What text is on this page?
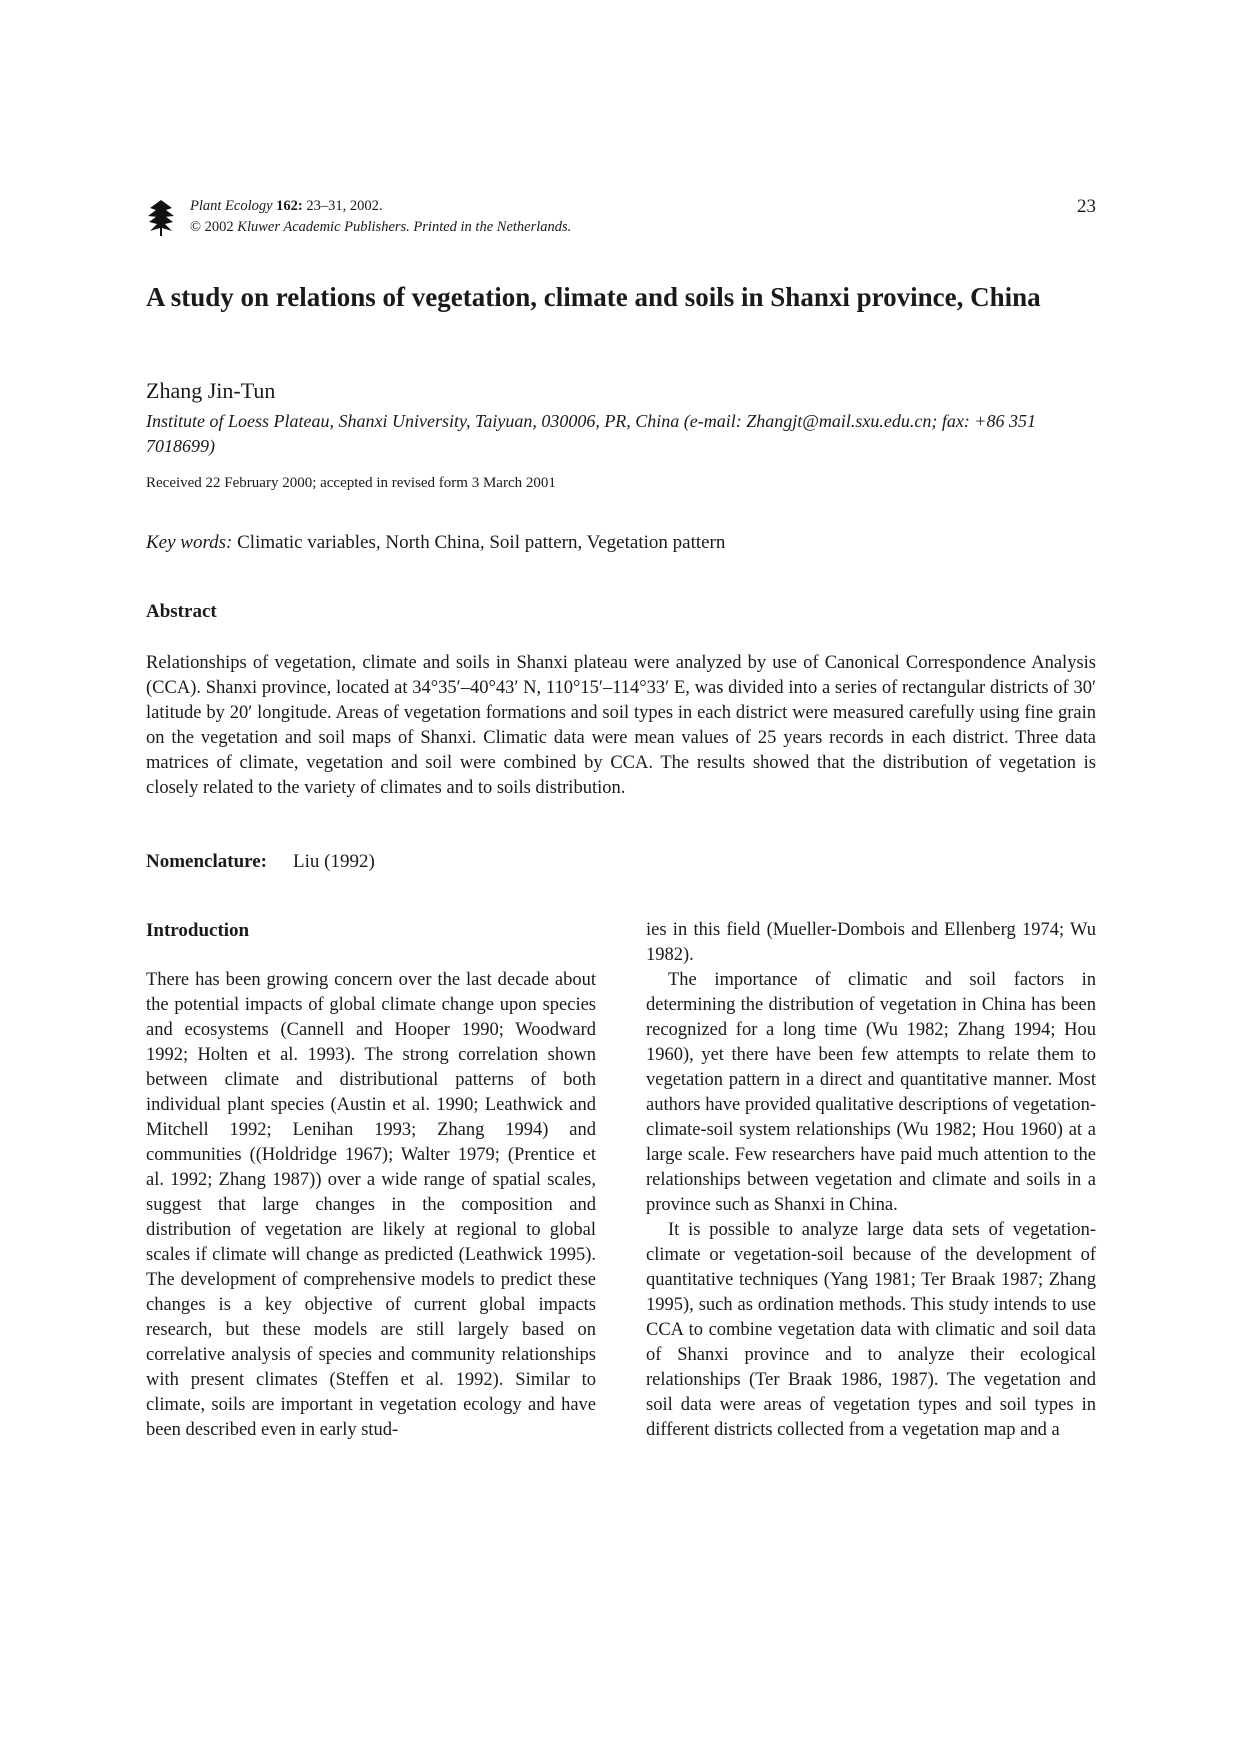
Plant Ecology 162: 23–31, 2002.
© 2002 Kluwer Academic Publishers. Printed in the Netherlands.
23
A study on relations of vegetation, climate and soils in Shanxi province, China
Zhang Jin-Tun
Institute of Loess Plateau, Shanxi University, Taiyuan, 030006, PR, China (e-mail: Zhangjt@mail.sxu.edu.cn; fax: +86 351 7018699)
Received 22 February 2000; accepted in revised form 3 March 2001
Key words: Climatic variables, North China, Soil pattern, Vegetation pattern
Abstract

Relationships of vegetation, climate and soils in Shanxi plateau were analyzed by use of Canonical Correspondence Analysis (CCA). Shanxi province, located at 34°35′–40°43′ N, 110°15′–114°33′ E, was divided into a series of rectangular districts of 30′ latitude by 20′ longitude. Areas of vegetation formations and soil types in each district were measured carefully using fine grain on the vegetation and soil maps of Shanxi. Climatic data were mean values of 25 years records in each district. Three data matrices of climate, vegetation and soil were combined by CCA. The results showed that the distribution of vegetation is closely related to the variety of climates and to soils distribution.

Nomenclature: Liu (1992)
Introduction

There has been growing concern over the last decade about the potential impacts of global climate change upon species and ecosystems (Cannell and Hooper 1990; Woodward 1992; Holten et al. 1993). The strong correlation shown between climate and distributional patterns of both individual plant species (Austin et al. 1990; Leathwick and Mitchell 1992; Lenihan 1993; Zhang 1994) and communities ((Holdridge 1967); Walter 1979; (Prentice et al. 1992; Zhang 1987)) over a wide range of spatial scales, suggest that large changes in the composition and distribution of vegetation are likely at regional to global scales if climate will change as predicted (Leathwick 1995). The development of comprehensive models to predict these changes is a key objective of current global impacts research, but these models are still largely based on correlative analysis of species and community relationships with present climates (Steffen et al. 1992). Similar to climate, soils are important in vegetation ecology and have been described even in early stud-

ies in this field (Mueller-Dombois and Ellenberg 1974; Wu 1982).

The importance of climatic and soil factors in determining the distribution of vegetation in China has been recognized for a long time (Wu 1982; Zhang 1994; Hou 1960), yet there have been few attempts to relate them to vegetation pattern in a direct and quantitative manner. Most authors have provided qualitative descriptions of vegetation-climate-soil system relationships (Wu 1982; Hou 1960) at a large scale. Few researchers have paid much attention to the relationships between vegetation and climate and soils in a province such as Shanxi in China.

It is possible to analyze large data sets of vegetation-climate or vegetation-soil because of the development of quantitative techniques (Yang 1981; Ter Braak 1987; Zhang 1995), such as ordination methods. This study intends to use CCA to combine vegetation data with climatic and soil data of Shanxi province and to analyze their ecological relationships (Ter Braak 1986, 1987). The vegetation and soil data were areas of vegetation types and soil types in different districts collected from a vegetation map and a
